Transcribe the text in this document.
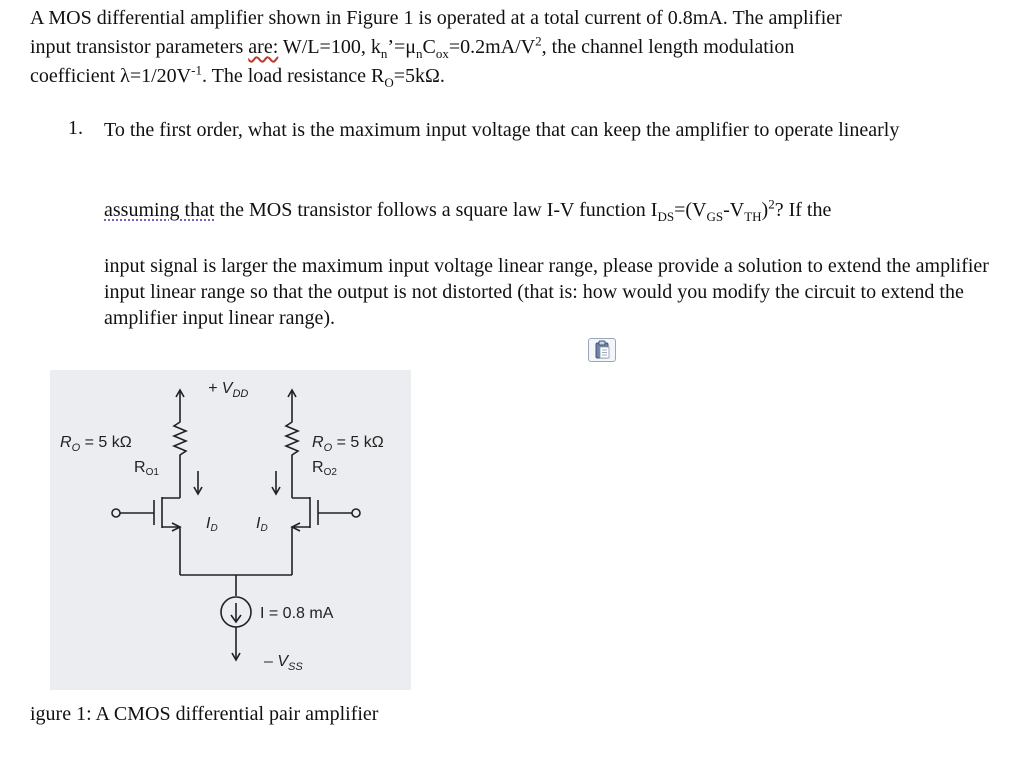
A MOS differential amplifier shown in Figure 1 is operated at a total current of 0.8mA. The amplifier
input transistor parameters are: W/L=100, $k_n’=\mu_nC_{ox}=0.2mA/V^2$, the channel length modulation
coefficient $\lambda=1/20V^{-1}$. The load resistance $R_O=5k\Omega$.
1. To the first order, what is the maximum input voltage that can keep the amplifier to operate linearly
assuming that the MOS transistor follows a square law I-V function $I_{DS}=(V_{GS}-V_{TH})^2$? If the
input signal is larger the maximum input voltage linear range, please provide a solution to extend the amplifier input linear range so that the output is not distorted (that is: how would you modify the circuit to extend the amplifier input linear range).
+ $V_{DD}$
$R_O = 5$ kΩ
RO1
$R_O = 5$ kΩ
RO2
ID ID
I = 0.8 mA
– $V_{SS}$
igure 1: A CMOS differential pair amplifier
